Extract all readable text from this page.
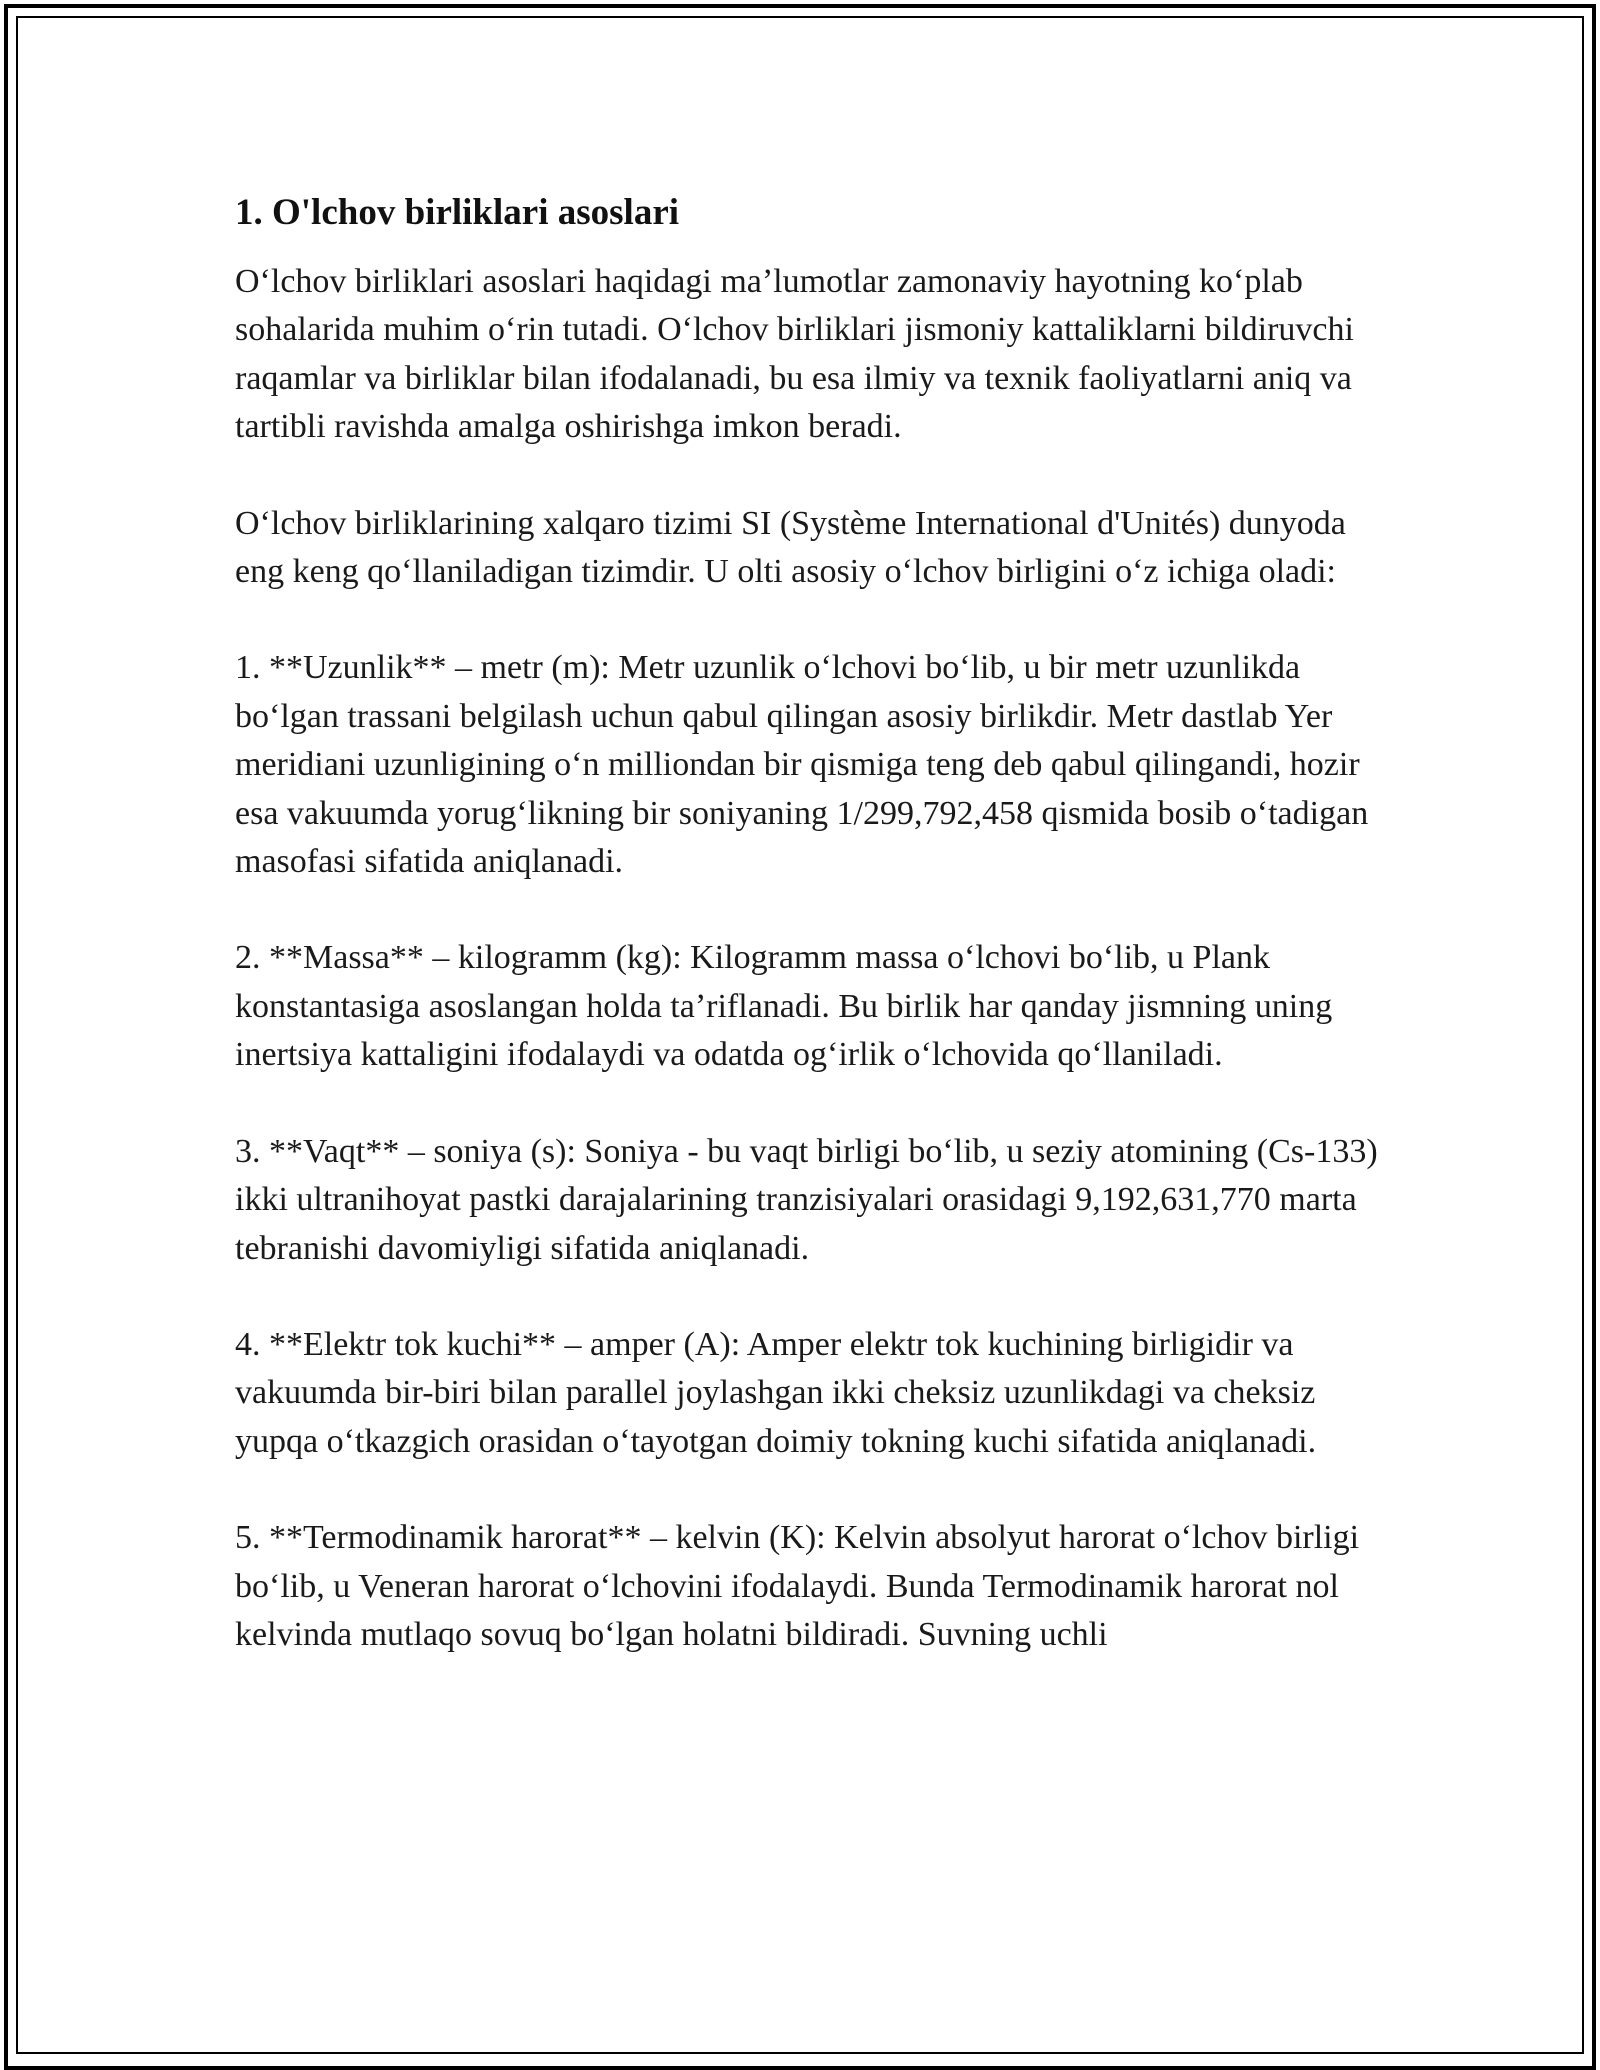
1. O'lchov birliklari asoslari

Oʻlchov birliklari asoslari haqidagi maʼlumotlar zamonaviy hayotning koʻplab sohalarida muhim oʻrin tutadi. Oʻlchov birliklari jismoniy kattaliklarni bildiruvchi raqamlar va birliklar bilan ifodalanadi, bu esa ilmiy va texnik faoliyatlarni aniq va tartibli ravishda amalga oshirishga imkon beradi.

Oʻlchov birliklarining xalqaro tizimi SI (Système International d'Unités) dunyoda eng keng qoʻllaniladigan tizimdir. U olti asosiy oʻlchov birligini oʻz ichiga oladi:

1. **Uzunlik** – metr (m): Metr uzunlik oʻlchovi boʻlib, u bir metr uzunlikda boʻlgan trassani belgilash uchun qabul qilingan asosiy birlikdir. Metr dastlab Yer meridiani uzunligining oʻn milliondan bir qismiga teng deb qabul qilingandi, hozir esa vakuumda yorugʻlikning bir soniyaning 1/299,792,458 qismida bosib oʻtadigan masofasi sifatida aniqlanadi.

2. **Massa** – kilogramm (kg): Kilogramm massa oʻlchovi boʻlib, u Plank konstantasiga asoslangan holda taʼriflanadi. Bu birlik har qanday jismning uning inertsiya kattaligini ifodalaydi va odatda ogʻirlik oʻlchovida qoʻllaniladi.

3. **Vaqt** – soniya (s): Soniya - bu vaqt birligi boʻlib, u seziy atomining (Cs-133) ikki ultranihoyat pastki darajalarining tranzisiyalari orasidagi 9,192,631,770 marta tebranishi davomiyligi sifatida aniqlanadi.

4. **Elektr tok kuchi** – amper (A): Amper elektr tok kuchining birligidir va vakuumda bir-biri bilan parallel joylashgan ikki cheksiz uzunlikdagi va cheksiz yupqa oʻtkazgich orasidan oʻtayotgan doimiy tokning kuchi sifatida aniqlanadi.

5. **Termodinamik harorat** – kelvin (K): Kelvin absolyut harorat oʻlchov birligi boʻlib, u Veneran harorat oʻlchovini ifodalaydi. Bunda Termodinamik harorat nol kelvinda mutlaqo sovuq boʻlgan holatni bildiradi. Suvning uchli
